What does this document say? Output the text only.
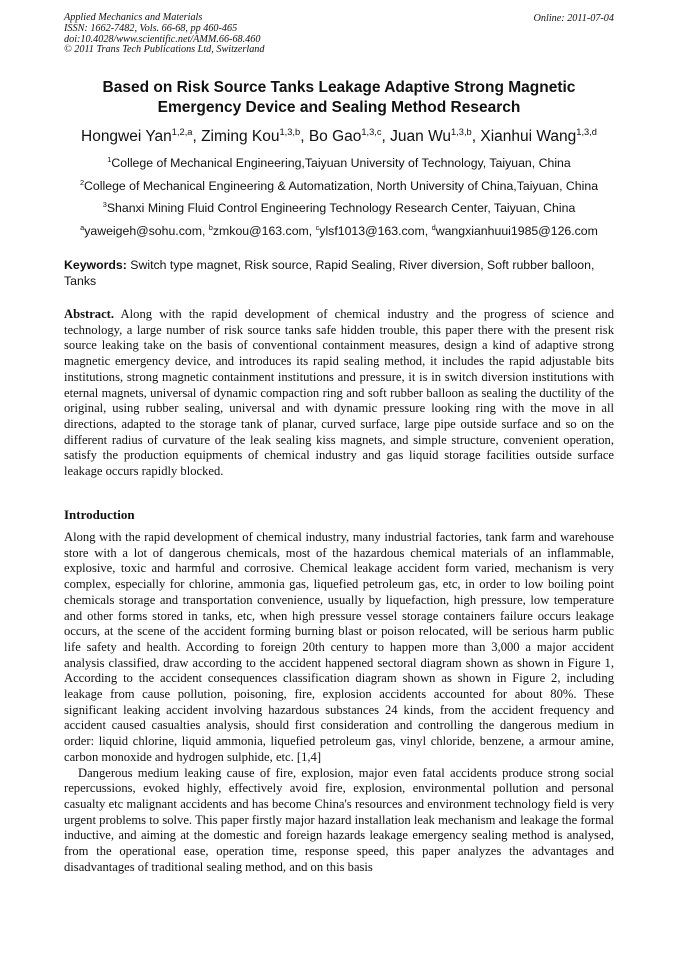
Applied Mechanics and Materials
ISSN: 1662-7482, Vols. 66-68, pp 460-465
doi:10.4028/www.scientific.net/AMM.66-68.460
© 2011 Trans Tech Publications Ltd, Switzerland
Online: 2011-07-04
Based on Risk Source Tanks Leakage Adaptive Strong Magnetic
Emergency Device and Sealing Method Research
Hongwei Yan$^{1,2,a}$, Ziming Kou$^{1,3,b}$, Bo Gao$^{1,3,c}$, Juan Wu$^{1,3,b}$, Xianhui Wang$^{1,3,d}$
$^1$College of Mechanical Engineering,Taiyuan University of Technology, Taiyuan, China
$^2$College of Mechanical Engineering & Automatization, North University of China,Taiyuan, China
$^3$Shanxi Mining Fluid Control Engineering Technology Research Center, Taiyuan, China
$^a$yaweigeh@sohu.com, $^b$zmkou@163.com, $^c$ylsf1013@163.com, $^d$wangxianhuui1985@126.com
Keywords: Switch type magnet, Risk source, Rapid Sealing, River diversion, Soft rubber balloon, Tanks
Abstract. Along with the rapid development of chemical industry and the progress of science and technology, a large number of risk source tanks safe hidden trouble, this paper there with the present risk source leaking take on the basis of conventional containment measures, design a kind of adaptive strong magnetic emergency device, and introduces its rapid sealing method, it includes the rapid adjustable bits institutions, strong magnetic containment institutions and pressure, it is in switch diversion institutions with eternal magnets, universal of dynamic compaction ring and soft rubber balloon as sealing the ductility of the original, using rubber sealing, universal and with dynamic pressure looking ring with the move in all directions, adapted to the storage tank of planar, curved surface, large pipe outside surface and so on the different radius of curvature of the leak sealing kiss magnets, and simple structure, convenient operation, satisfy the production equipments of chemical industry and gas liquid storage facilities outside surface leakage occurs rapidly blocked.
Introduction
Along with the rapid development of chemical industry, many industrial factories, tank farm and warehouse store with a lot of dangerous chemicals, most of the hazardous chemical materials of an inflammable, explosive, toxic and harmful and corrosive. Chemical leakage accident form varied, mechanism is very complex, especially for chlorine, ammonia gas, liquefied petroleum gas, etc, in order to low boiling point chemicals storage and transportation convenience, usually by liquefaction, high pressure, low temperature and other forms stored in tanks, etc, when high pressure vessel storage containers failure occurs leakage occurs, at the scene of the accident forming burning blast or poison relocated, will be serious harm public life safety and health. According to foreign 20th century to happen more than 3,000 a major accident analysis classified, draw according to the accident happened sectoral diagram shown as shown in Figure 1, According to the accident consequences classification diagram shown as shown in Figure 2, including leakage from cause pollution, poisoning, fire, explosion accidents accounted for about 80%. These significant leaking accident involving hazardous substances 24 kinds, from the accident frequency and accident caused casualties analysis, should first consideration and controlling the dangerous medium in order: liquid chlorine, liquid ammonia, liquefied petroleum gas, vinyl chloride, benzene, a armour amine, carbon monoxide and hydrogen sulphide, etc. [1,4]
Dangerous medium leaking cause of fire, explosion, major even fatal accidents produce strong social repercussions, evoked highly, effectively avoid fire, explosion, environmental pollution and personal casualty etc malignant accidents and has become China's resources and environment technology field is very urgent problems to solve. This paper firstly major hazard installation leak mechanism and leakage the formal inductive, and aiming at the domestic and foreign hazards leakage emergency sealing method is analysed, from the operational ease, operation time, response speed, this paper analyzes the advantages and disadvantages of traditional sealing method, and on this basis
